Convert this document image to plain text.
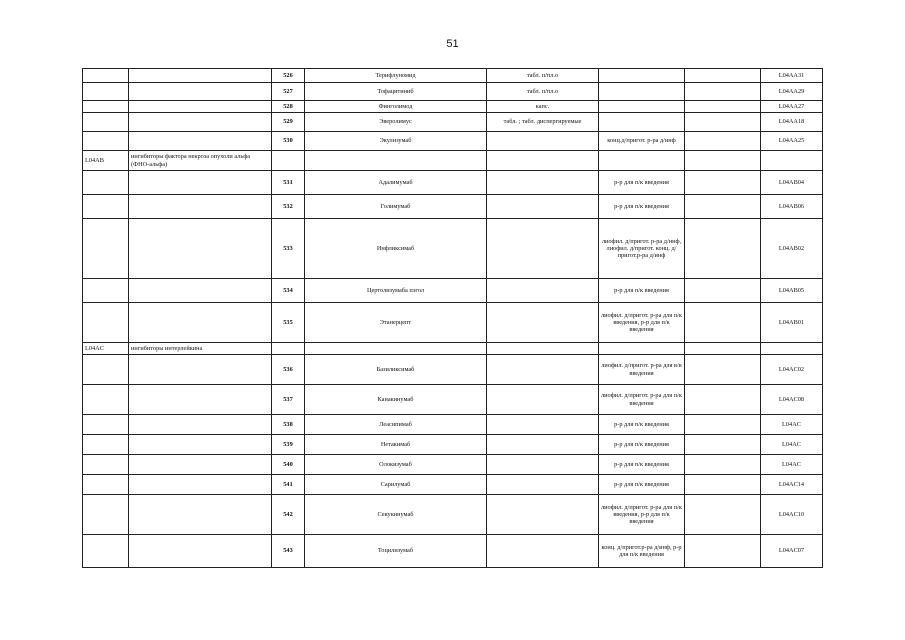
51
		526	Терифлуномид	табл. п/пл.о			L04AA31
		527	Тофацитиниб	табл. п/пл.о			L04AA29
		528	Финголимод	капс.			L04AA27
		529	Эверолимус	табл. ; табл. диспергируемые			L04AA18
		530	Экулизумаб		конц.д/пригот. р-ра д/инф		L04AA25
L04AB	ингибиторы фактора некроза опухоли альфа (ФНО-альфа)						
		531	Адалимумаб		р-р для п/к введения		L04AB04
		532	Голимумаб		р-р для п/к введения		L04AB06
		533	Инфликсимаб		лиофил. д/пригот. р-ра д/инф, лиофил. д/пригот. конц. д/пригот.р-ра д/инф		L04AB02
		534	Цертолизумаба пэгол		р-р для п/к введения		L04AB05
		535	Этанерцепт		лиофил. д/пригот. р-ра для п/к введения, р-р для п/к введения		L04AB01
L04AC	ингибиторы интерлейкина						
		536	Базиликсимаб		лиофил. д/пригот. р-ра для в/в введения		L04AC02
		537	Канакинумаб		лиофил. д/пригот. р-ра для п/к введения		L04AC08
		538	Леасипимаб		р-р для п/к введения		L04AC
		539	Нетакимаб		р-р для п/к введения		L04AC
		540	Олокизумаб		р-р для п/к введения		L04AC
		541	Сарилумаб		р-р для п/к введения		L04AC14
		542	Секукинумаб		лиофил. д/пригот. р-ра для п/к введения, р-р для п/к введения		L04AC10
		543	Тоцилизумаб		конц. д/пригот.р-ра д/инф, р-р для п/к введения		L04AC07
